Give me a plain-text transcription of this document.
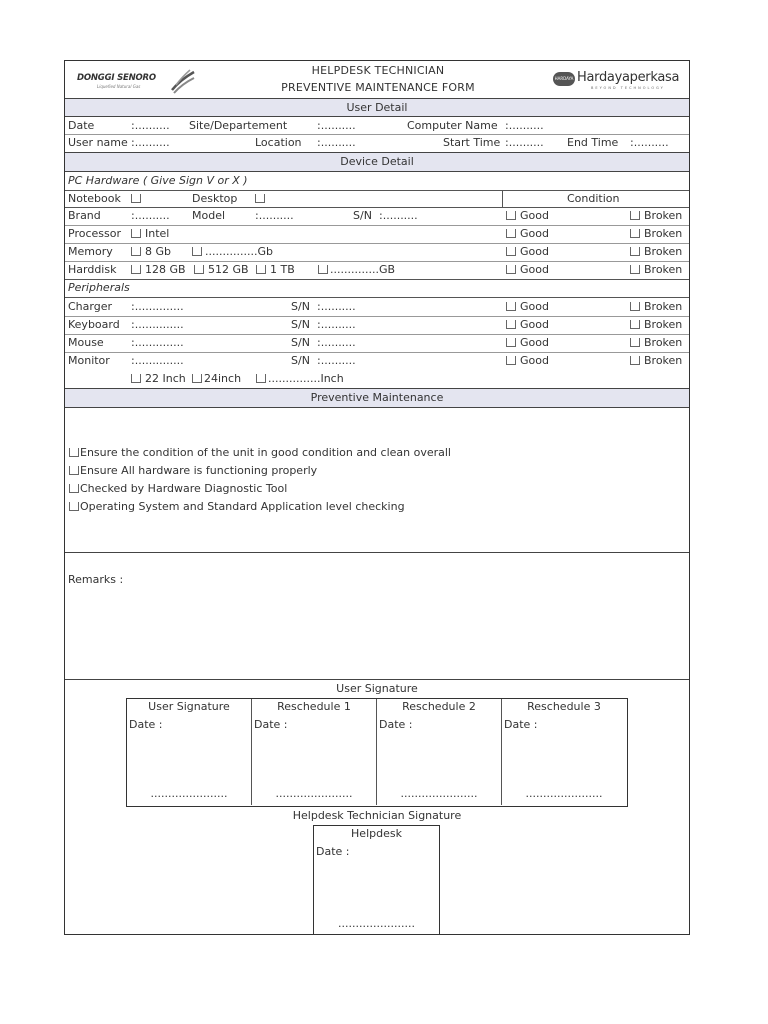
DONGGI SENORO
Liquefied Natural Gas
HELPDESK TECHNICIAN
PREVENTIVE MAINTENANCE FORM
HARDAYA Hardayaperkasa
BEYOND TECHNOLOGY
User Detail
Date	:.......... Site/Departement	:..........	Computer Name :..........
User name :..........	Location :..........	Start Time :.......... End Time :..........
Device Detail
PC Hardware ( Give Sign V or X )
Notebook	Desktop	Condition
Brand	:.......... Model	:..........	S/N :..........	Good	Broken
Processor Intel	Good	Broken
Memory	8 Gb	...............Gb	Good	Broken
Harddisk	128 GB 512 GB 1 TB	..............GB	Good	Broken
Peripherals
Charger :..............	S/N :..........	Good	Broken
Keyboard :..............	S/N :..........	Good	Broken
Mouse :..............	S/N :..........	Good	Broken
Monitor :..............	S/N :..........	Good	Broken
22 Inch 24inch ...............Inch
Preventive Maintenance
Ensure the condition of the unit in good condition and clean overall
Ensure All hardware is functioning properly
Checked by Hardware Diagnostic Tool
Operating System and Standard Application level checking
Remarks :
User Signature
User Signature
Date :
......................
Reschedule 1
Date :
......................
Reschedule 2
Date :
......................
Reschedule 3
Date :
......................
Helpdesk Technician Signature
Helpdesk
Date :
......................
